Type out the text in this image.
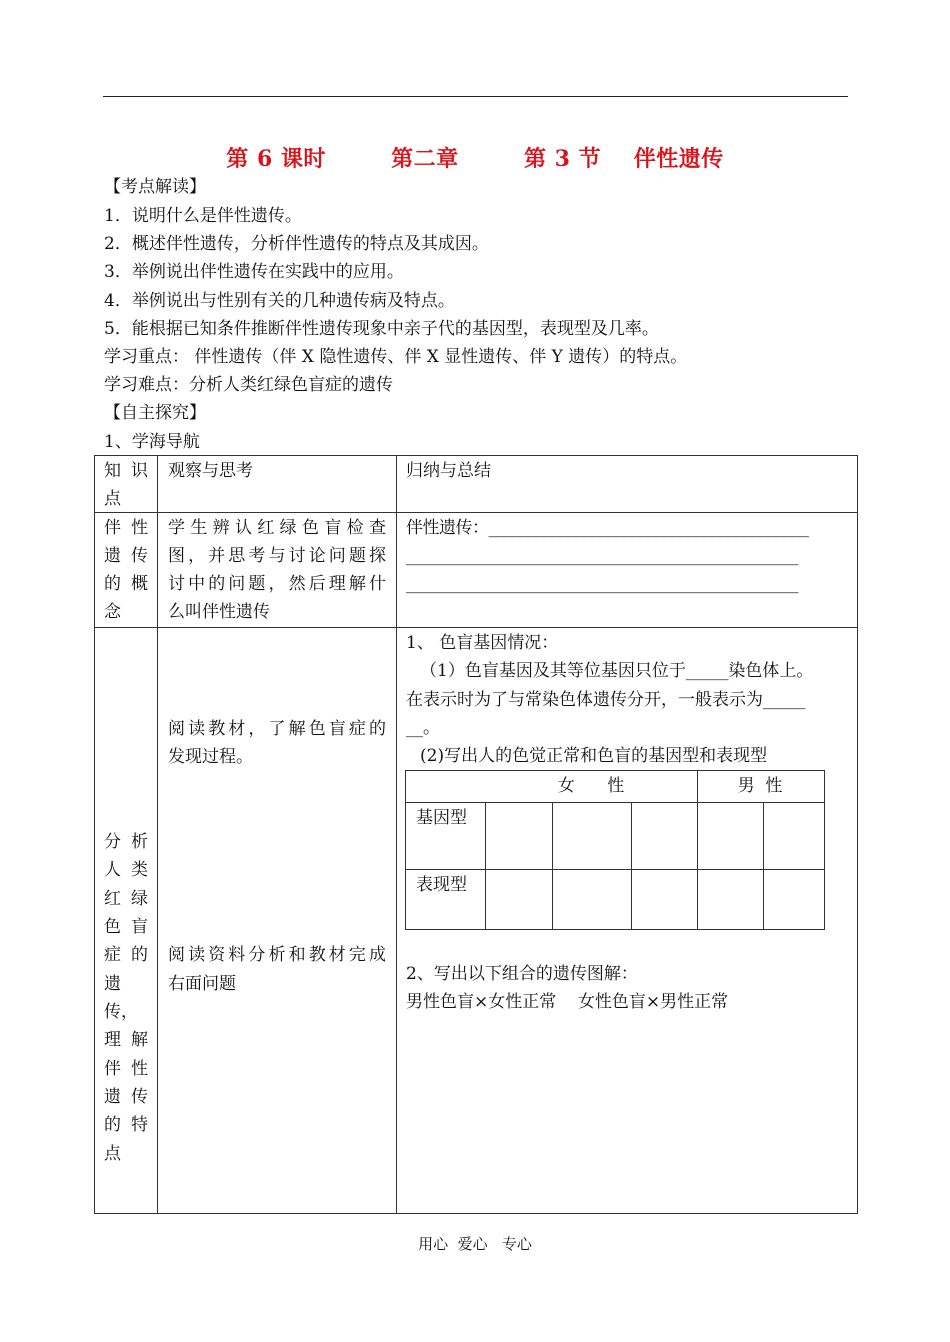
第 6 课时        第二章        第 3 节    伴性遗传
【考点解读】
1．说明什么是伴性遗传。
2．概述伴性遗传，分析伴性遗传的特点及其成因。
3．举例说出伴性遗传在实践中的应用。
4．举例说出与性别有关的几种遗传病及特点。
5．能根据已知条件推断伴性遗传现象中亲子代的基因型，表现型及几率。
学习重点： 伴性遗传（伴 X 隐性遗传、伴 X 显性遗传、伴 Y 遗传）的特点。
学习难点：分析人类红绿色盲症的遗传
【自主探究】
1、学海导航
知 识
点
观察与思考	归纳与总结
伴 性
遗 传
的 概
念
学生辨认红绿色盲检查
图，并思考与讨论问题探
讨中的问题，然后理解什
么叫伴性遗传
伴性遗传：________________________________________
_________________________________________________
_________________________________________________
分 析
人 类
红 绿
色 盲
症 的
遗
传，
理 解
伴 性
遗 传
的 特
点
阅读教材，了解色盲症的
发现过程。
阅读资料分析和教材完成
右面问题
1、 色盲基因情况：
（1）色盲基因及其等位基因只位于_____染色体上。
在表示时为了与常染色体遗传分开，一般表示为_____
__。
(2)写出人的色觉正常和色盲的基因型和表现型
女      性	男  性
基因型
表现型
2、写出以下组合的遗传图解：
男性色盲×女性正常    女性色盲×男性正常
用心  爱心   专心
